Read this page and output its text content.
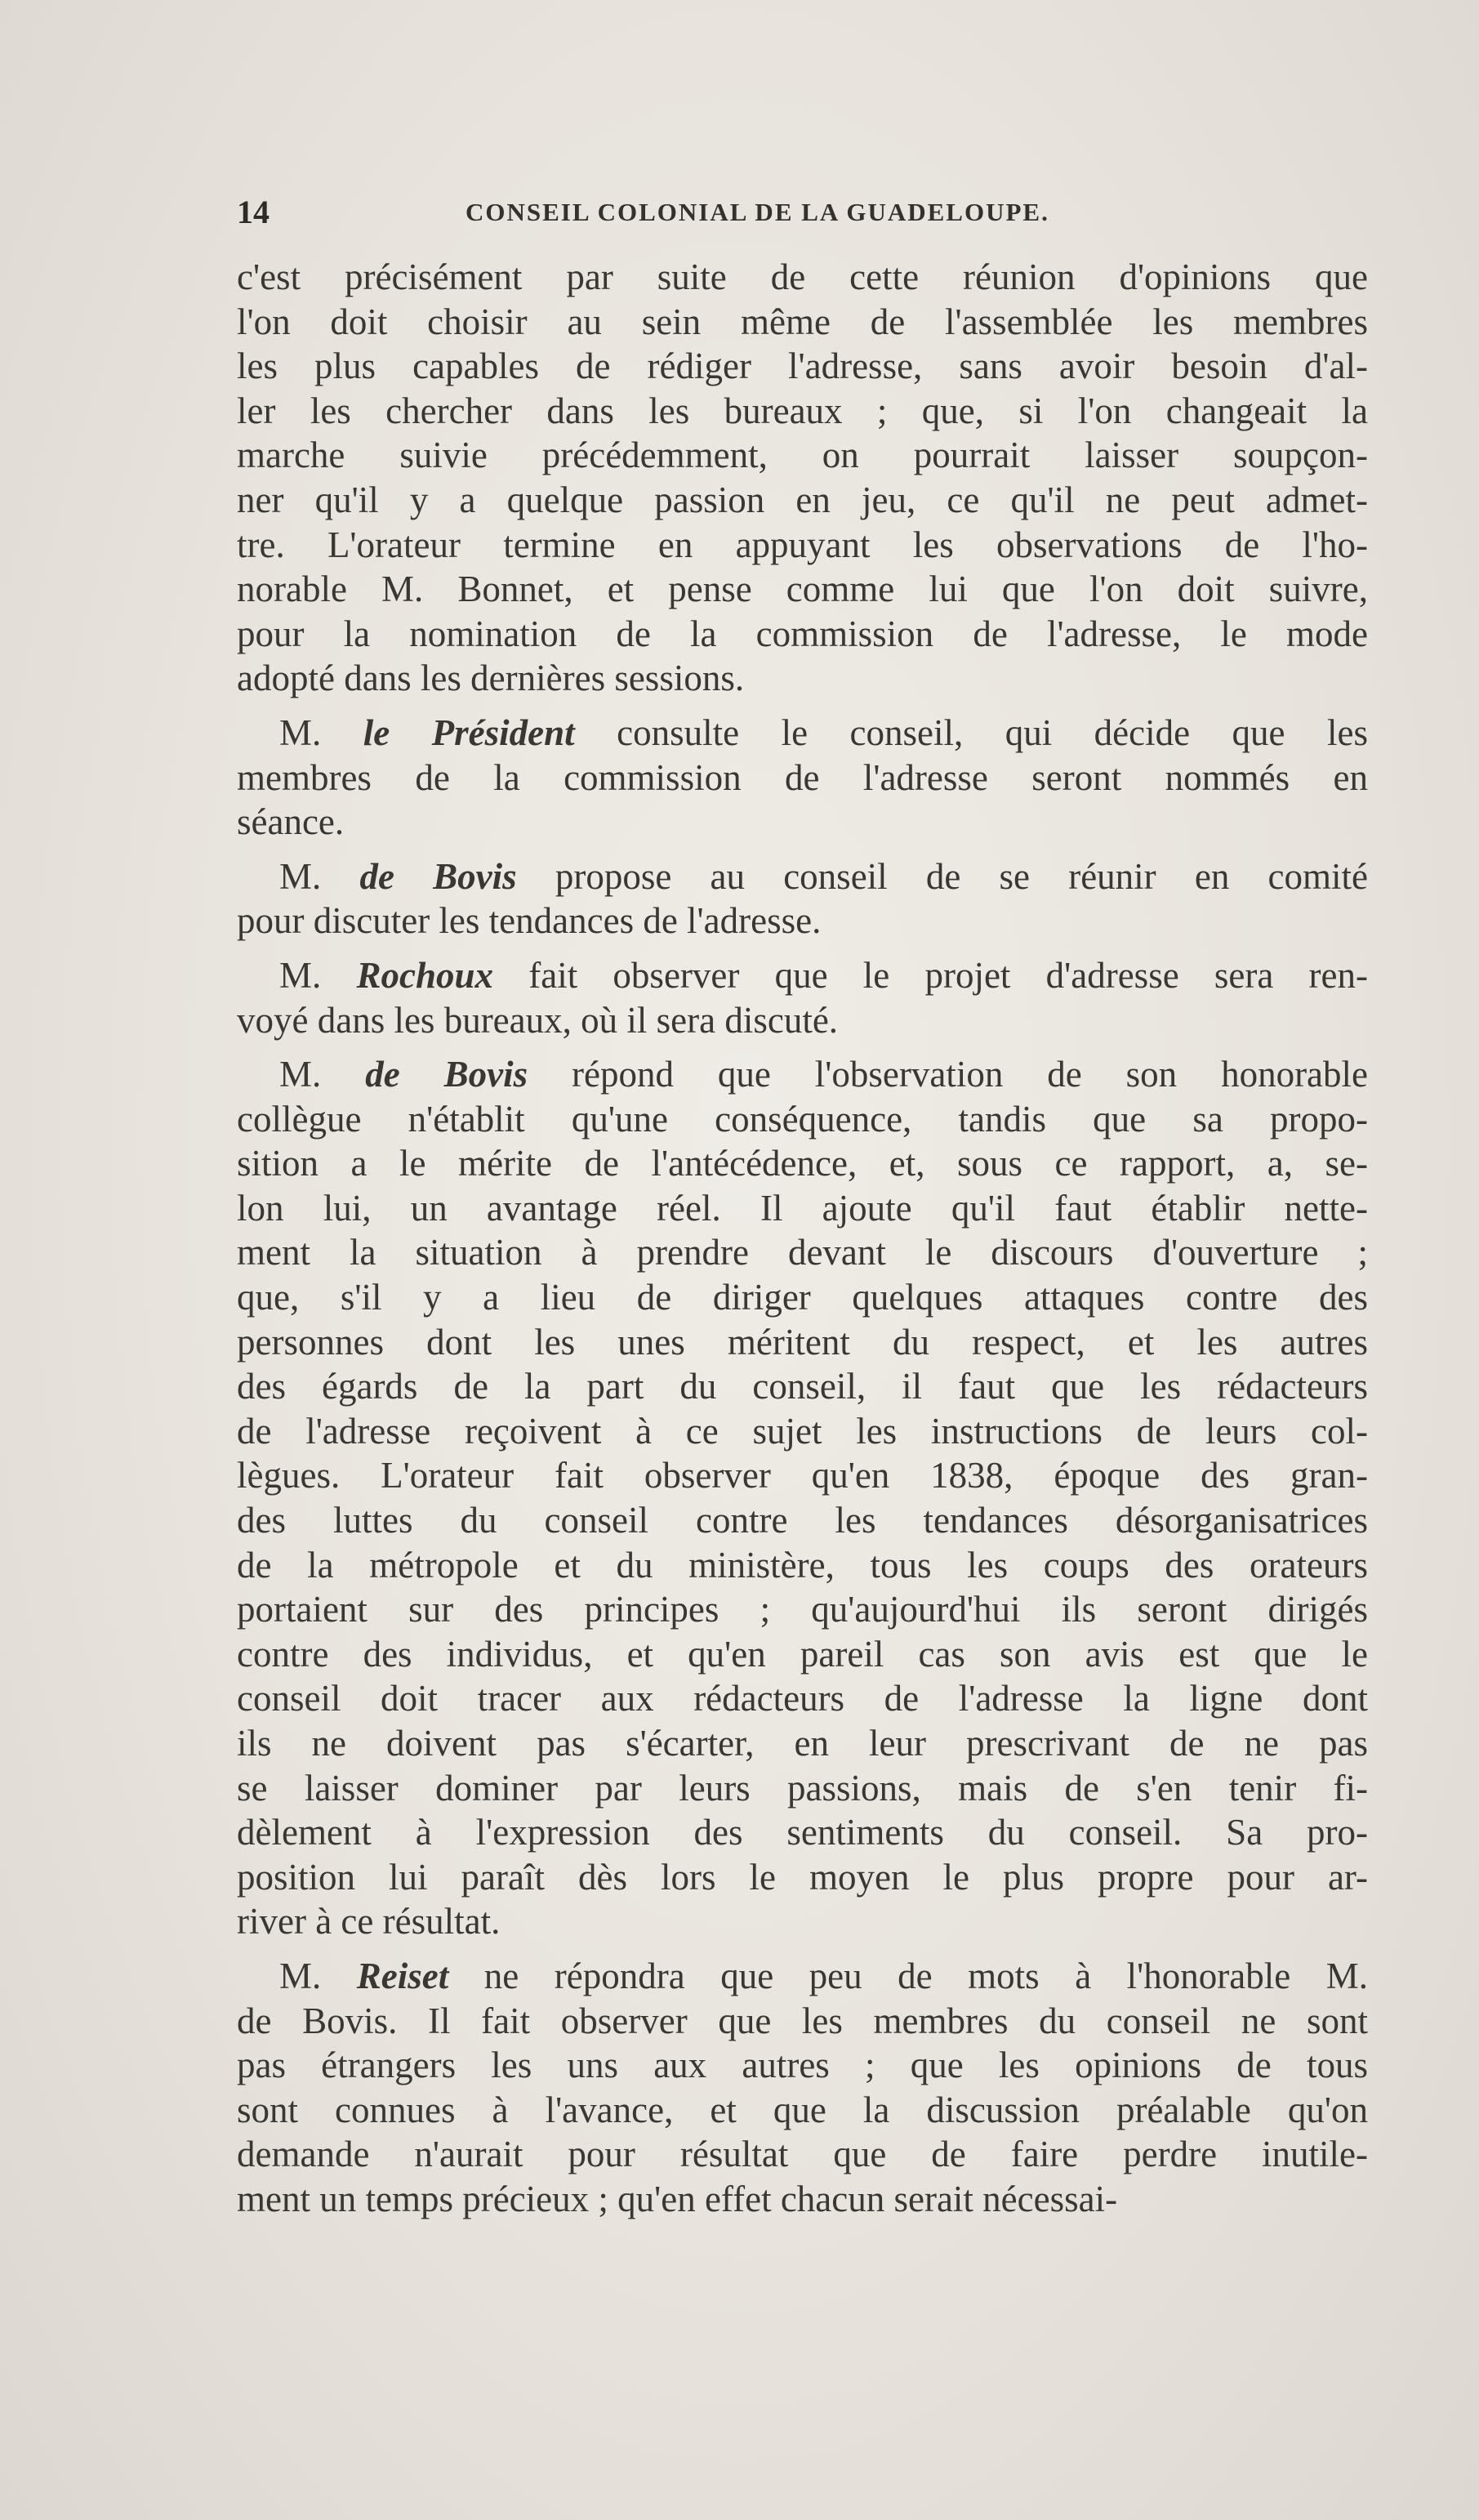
14	CONSEIL COLONIAL DE LA GUADELOUPE.
c'est précisément par suite de cette réunion d'opinions que
l'on doit choisir au sein même de l'assemblée les membres
les plus capables de rédiger l'adresse, sans avoir besoin d'al-
ler les chercher dans les bureaux ; que, si l'on changeait la
marche suivie précédemment, on pourrait laisser soupçon-
ner qu'il y a quelque passion en jeu, ce qu'il ne peut admet-
tre. L'orateur termine en appuyant les observations de l'ho-
norable M. Bonnet, et pense comme lui que l'on doit suivre,
pour la nomination de la commission de l'adresse, le mode
adopté dans les dernières sessions.
M. le Président consulte le conseil, qui décide que les
membres de la commission de l'adresse seront nommés en
séance.
M. de Bovis propose au conseil de se réunir en comité
pour discuter les tendances de l'adresse.
M. Rochoux fait observer que le projet d'adresse sera ren-
voyé dans les bureaux, où il sera discuté.
M. de Bovis répond que l'observation de son honorable
collègue n'établit qu'une conséquence, tandis que sa propo-
sition a le mérite de l'antécédence, et, sous ce rapport, a, se-
lon lui, un avantage réel. Il ajoute qu'il faut établir nette-
ment la situation à prendre devant le discours d'ouverture ;
que, s'il y a lieu de diriger quelques attaques contre des
personnes dont les unes méritent du respect, et les autres
des égards de la part du conseil, il faut que les rédacteurs
de l'adresse reçoivent à ce sujet les instructions de leurs col-
lègues. L'orateur fait observer qu'en 1838, époque des gran-
des luttes du conseil contre les tendances désorganisatrices
de la métropole et du ministère, tous les coups des orateurs
portaient sur des principes ; qu'aujourd'hui ils seront dirigés
contre des individus, et qu'en pareil cas son avis est que le
conseil doit tracer aux rédacteurs de l'adresse la ligne dont
ils ne doivent pas s'écarter, en leur prescrivant de ne pas
se laisser dominer par leurs passions, mais de s'en tenir fi-
dèlement à l'expression des sentiments du conseil. Sa pro-
position lui paraît dès lors le moyen le plus propre pour ar-
river à ce résultat.
M. Reiset ne répondra que peu de mots à l'honorable M.
de Bovis. Il fait observer que les membres du conseil ne sont
pas étrangers les uns aux autres ; que les opinions de tous
sont connues à l'avance, et que la discussion préalable qu'on
demande n'aurait pour résultat que de faire perdre inutile-
ment un temps précieux ; qu'en effet chacun serait nécessai-
